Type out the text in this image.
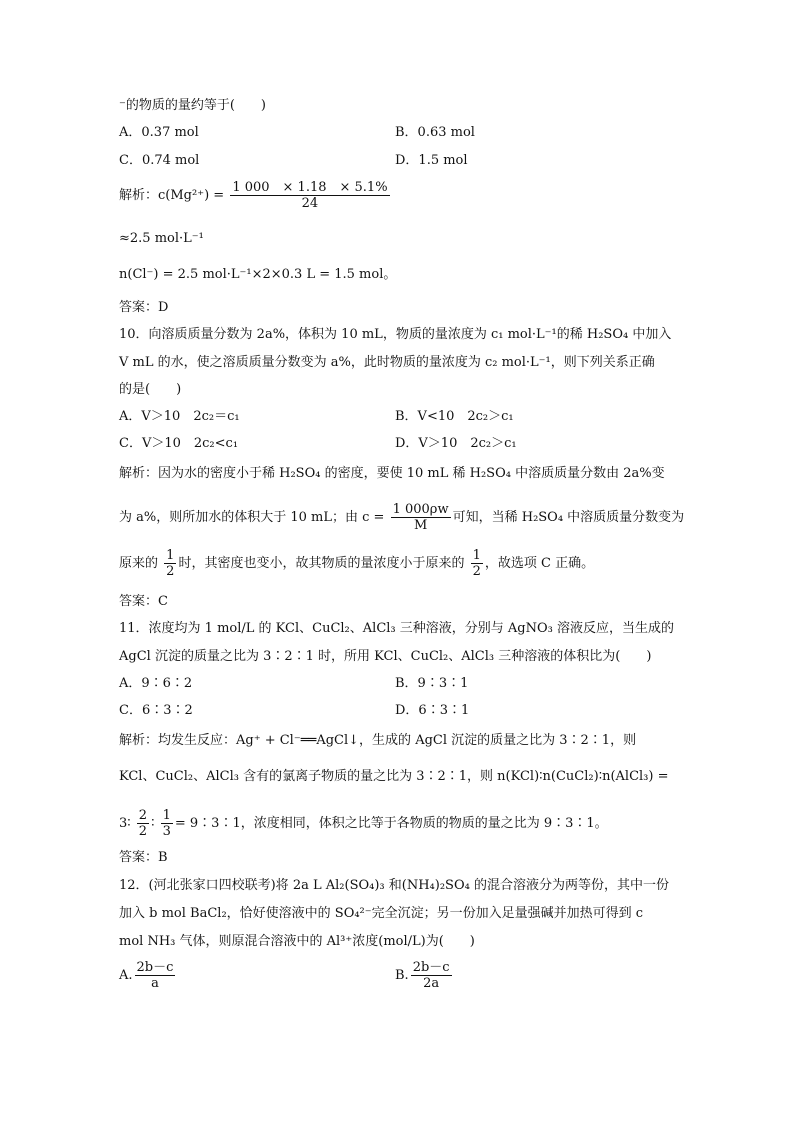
⁻的物质的量约等于(　　)
A．0.37 mol	B．0.63 mol
C．0.74 mol	D．1.5 mol
解析：$c(Mg^{2+}) = \frac{1 000 \times 1.18 \times 5.1\%}{24}$
≈2.5 mol·L⁻¹
n(Cl⁻) = 2.5 mol·L⁻¹×2×0.3 L = 1.5 mol。
答案：D
10．向溶质质量分数为 2a%，体积为 10 mL，物质的量浓度为 c₁ mol·L⁻¹的稀 H₂SO₄ 中加入
V mL 的水，使之溶质质量分数变为 a%，此时物质的量浓度为 c₂ mol·L⁻¹，则下列关系正确
的是(　　)
A．V＞10　2c₂＝c₁	B．V<10　2c₂＞c₁
C．V＞10　2c₂<c₁	D．V＞10　2c₂＞c₁
解析：因为水的密度小于稀 H₂SO₄ 的密度，要使 10 mL 稀 H₂SO₄ 中溶质质量分数由 2a%变
为 a%，则所加水的体积大于 10 mL；由 $c = \frac{1 000\rho w}{M}$ 可知，当稀 H₂SO₄ 中溶质质量分数变为
原来的 $\frac{1}{2}$ 时，其密度也变小，故其物质的量浓度小于原来的 $\frac{1}{2}$ ，故选项 C 正确。
答案：C
11．浓度均为 1 mol/L 的 KCl、CuCl₂、AlCl₃ 三种溶液，分别与 AgNO₃ 溶液反应，当生成的
AgCl 沉淀的质量之比为 3∶2∶1 时，所用 KCl、CuCl₂、AlCl₃ 三种溶液的体积比为(　　)
A．9∶6∶2	B．9∶3∶1
C．6∶3∶2	D．6∶3∶1
解析：均发生反应：Ag⁺ + Cl⁻══AgCl↓，生成的 AgCl 沉淀的质量之比为 3∶2∶1，则
KCl、CuCl₂、AlCl₃ 含有的氯离子物质的量之比为 3∶2∶1，则 n(KCl)∶n(CuCl₂)∶n(AlCl₃) =
3∶ $\frac{2}{2}$ ∶ $\frac{1}{3}$ = 9∶3∶1，浓度相同，体积之比等于各物质的物质的量之比为 9∶3∶1。
答案：B
12．(河北张家口四校联考)将 2a L Al₂(SO₄)₃ 和(NH₄)₂SO₄ 的混合溶液分为两等份，其中一份
加入 b mol BaCl₂，恰好使溶液中的 SO₄²⁻完全沉淀；另一份加入足量强碱并加热可得到 c
mol NH₃ 气体，则原混合溶液中的 Al³⁺浓度(mol/L)为(　　)
A. $\frac{2b-c}{a}$	B. $\frac{2b-c}{2a}$
